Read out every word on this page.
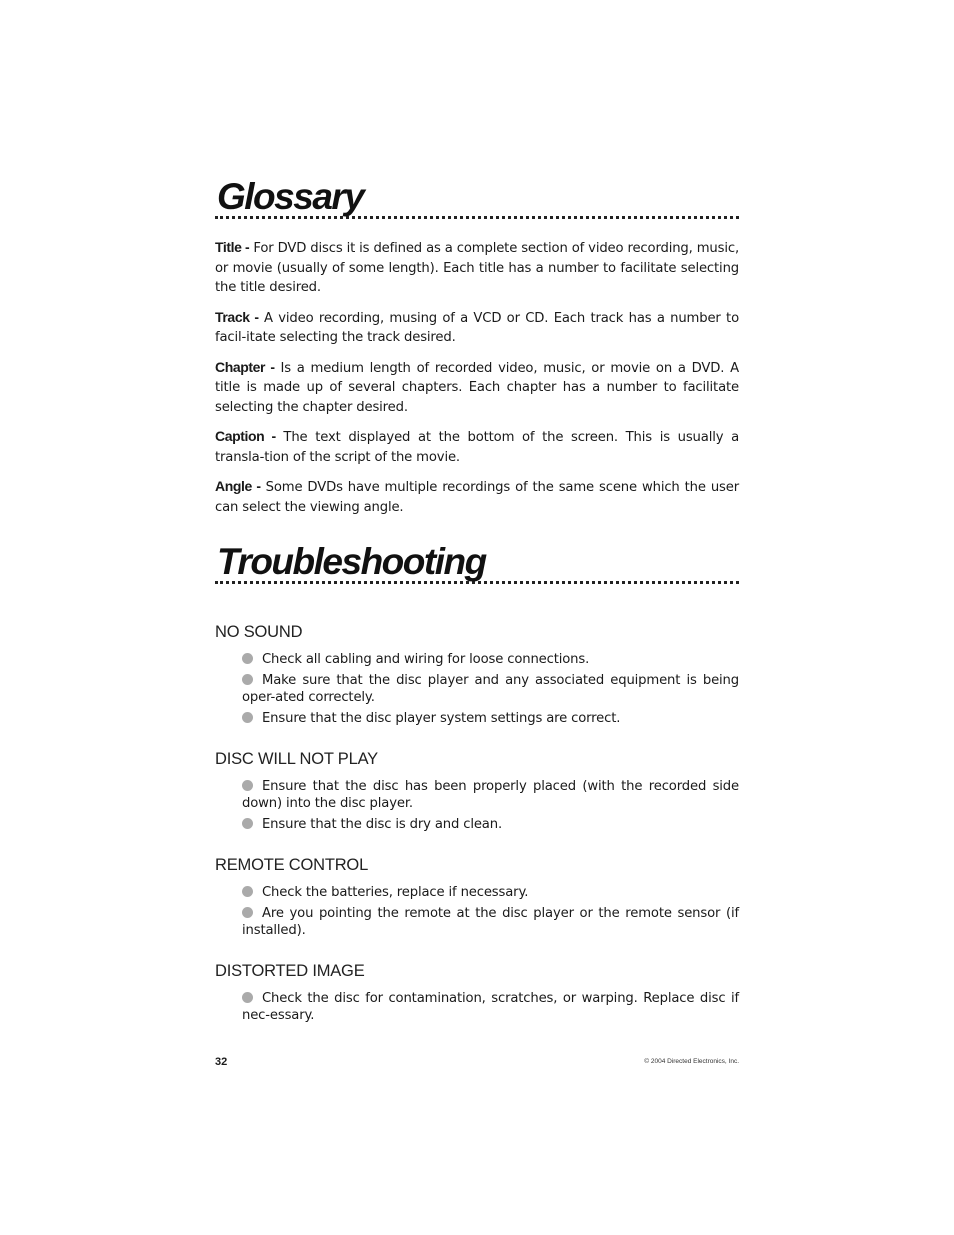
Glossary

Title - For DVD discs it is defined as a complete section of video recording, music, or movie (usually of some length). Each title has a number to facilitate selecting the title desired.

Track - A video recording, musing of a VCD or CD. Each track has a number to facil-itate selecting the track desired.

Chapter - Is a medium length of recorded video, music, or movie on a DVD. A title is made up of several chapters. Each chapter has a number to facilitate selecting the chapter desired.

Caption - The text displayed at the bottom of the screen. This is usually a transla-tion of the script of the movie.

Angle - Some DVDs have multiple recordings of the same scene which the user can select the viewing angle.

Troubleshooting
NO SOUND
Check all cabling and wiring for loose connections.
Make sure that the disc player and any associated equipment is being oper-ated correctely.
Ensure that the disc player system settings are correct.
DISC WILL NOT PLAY
Ensure that the disc has been properly placed (with the recorded side down) into the disc player.
Ensure that the disc is dry and clean.
REMOTE CONTROL
Check the batteries, replace if necessary.
Are you pointing the remote at the disc player or the remote sensor (if installed).
DISTORTED IMAGE
Check the disc for contamination, scratches, or warping. Replace disc if nec-essary.
32	© 2004 Directed Electronics, Inc.
